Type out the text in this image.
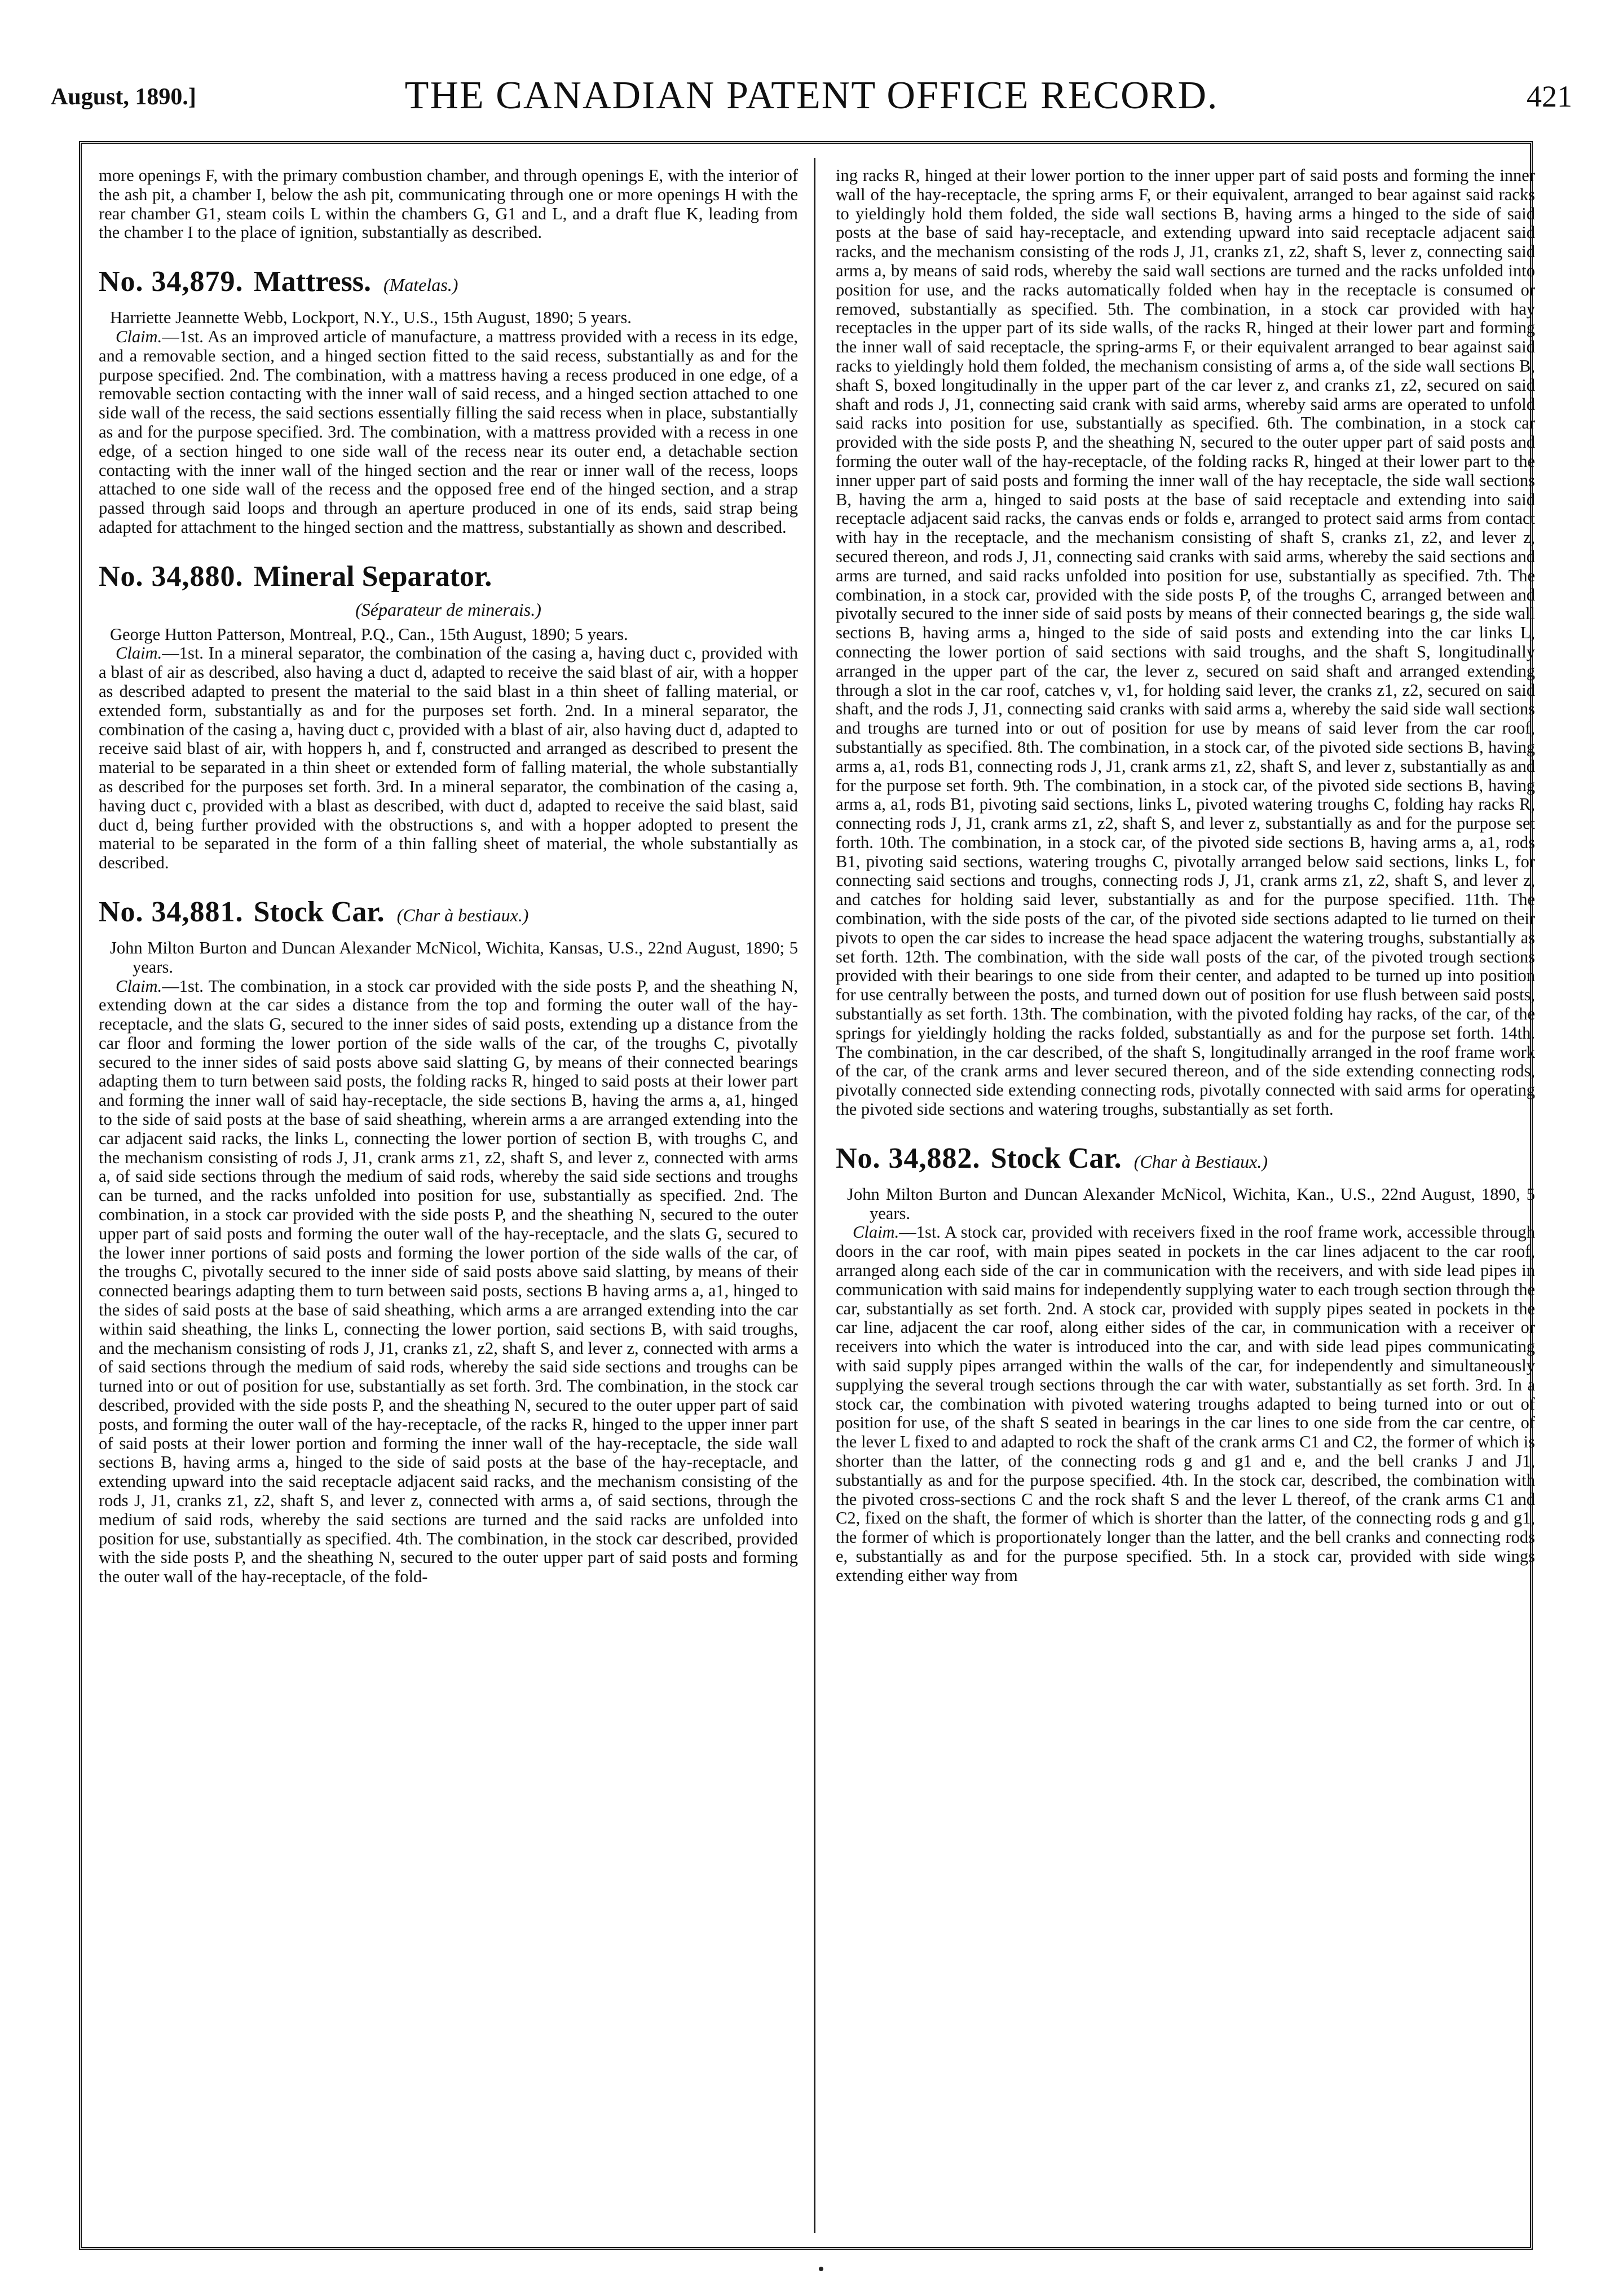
August, 1890.]	THE CANADIAN PATENT OFFICE RECORD.	421

more openings F, with the primary combustion chamber, and through openings E, with the interior of the ash pit, a chamber I, below the ash pit, communicating through one or more openings H with the rear chamber G1, steam coils L within the chambers G, G1 and L, and a draft flue K, leading from the chamber I to the place of ignition, substantially as described.

No. 34,879. Mattress. (Matelas.)

Harriette Jeannette Webb, Lockport, N.Y., U.S., 15th August, 1890; 5 years.

Claim.—1st. As an improved article of manufacture, a mattress provided with a recess in its edge, and a removable section, and a hinged section fitted to the said recess, substantially as and for the purpose specified. 2nd. The combination, with a mattress having a recess produced in one edge, of a removable section contacting with the inner wall of said recess, and a hinged section attached to one side wall of the recess, the said sections essentially filling the said recess when in place, substantially as and for the purpose specified. 3rd. The combination, with a mattress provided with a recess in one edge, of a section hinged to one side wall of the recess near its outer end, a detachable section contacting with the inner wall of the hinged section and the rear or inner wall of the recess, loops attached to one side wall of the recess and the opposed free end of the hinged section, and a strap passed through said loops and through an aperture produced in one of its ends, said strap being adapted for attachment to the hinged section and the mattress, substantially as shown and described.

No. 34,880. Mineral Separator.
(Séparateur de minerais.)

George Hutton Patterson, Montreal, P.Q., Can., 15th August, 1890; 5 years.

Claim.—1st. In a mineral separator, the combination of the casing a, having duct c, provided with a blast of air as described, also having a duct d, adapted to receive the said blast of air, with a hopper as described adapted to present the material to the said blast in a thin sheet of falling material, or extended form, substantially as and for the purposes set forth. 2nd. In a mineral separator, the combination of the casing a, having duct c, provided with a blast of air, also having duct d, adapted to receive said blast of air, with hoppers h, and f, constructed and arranged as described to present the material to be separated in a thin sheet or extended form of falling material, the whole substantially as described for the purposes set forth. 3rd. In a mineral separator, the combination of the casing a, having duct c, provided with a blast as described, with duct d, adapted to receive the said blast, said duct d, being further provided with the obstructions s, and with a hopper adopted to present the material to be separated in the form of a thin falling sheet of material, the whole substantially as described.

No. 34,881. Stock Car. (Char à bestiaux.)

John Milton Burton and Duncan Alexander McNicol, Wichita, Kansas, U.S., 22nd August, 1890; 5 years.

Claim.—1st. The combination, in a stock car provided with the side posts P, and the sheathing N, extending down at the car sides a distance from the top and forming the outer wall of the hay-receptacle, and the slats G, secured to the inner sides of said posts, extending up a distance from the car floor and forming the lower portion of the side walls of the car, of the troughs C, pivotally secured to the inner sides of said posts above said slatting G, by means of their connected bearings adapting them to turn between said posts, the folding racks R, hinged to said posts at their lower part and forming the inner wall of said hay-receptacle, the side sections B, having the arms a, a1, hinged to the side of said posts at the base of said sheathing, wherein arms a are arranged extending into the car adjacent said racks, the links L, connecting the lower portion of section B, with troughs C, and the mechanism consisting of rods J, J1, crank arms z1, z2, shaft S, and lever z, connected with arms a, of said side sections through the medium of said rods, whereby the said side sections and troughs can be turned, and the racks unfolded into position for use, substantially as specified. 2nd. The combination, in a stock car provided with the side posts P, and the sheathing N, secured to the outer upper part of said posts and forming the outer wall of the hay-receptacle, and the slats G, secured to the lower inner portions of said posts and forming the lower portion of the side walls of the car, of the troughs C, pivotally secured to the inner side of said posts above said slatting, by means of their connected bearings adapting them to turn between said posts, sections B having arms a, a1, hinged to the sides of said posts at the base of said sheathing, which arms a are arranged extending into the car within said sheathing, the links L, connecting the lower portion, said sections B, with said troughs, and the mechanism consisting of rods J, J1, cranks z1, z2, shaft S, and lever z, connected with arms a of said sections through the medium of said rods, whereby the said side sections and troughs can be turned into or out of position for use, substantially as set forth. 3rd. The combination, in the stock car described, provided with the side posts P, and the sheathing N, secured to the outer upper part of said posts, and forming the outer wall of the hay-receptacle, of the racks R, hinged to the upper inner part of said posts at their lower portion and forming the inner wall of the hay-receptacle, the side wall sections B, having arms a, hinged to the side of said posts at the base of the hay-receptacle, and extending upward into the said receptacle adjacent said racks, and the mechanism consisting of the rods J, J1, cranks z1, z2, shaft S, and lever z, connected with arms a, of said sections, through the medium of said rods, whereby the said sections are turned and the said racks are unfolded into position for use, substantially as specified. 4th. The combination, in the stock car described, provided with the side posts P, and the sheathing N, secured to the outer upper part of said posts and forming the outer wall of the hay-receptacle, of the fold-

ing racks R, hinged at their lower portion to the inner upper part of said posts and forming the inner wall of the hay-receptacle, the spring arms F, or their equivalent, arranged to bear against said racks to yieldingly hold them folded, the side wall sections B, having arms a hinged to the side of said posts at the base of said hay-receptacle, and extending upward into said receptacle adjacent said racks, and the mechanism consisting of the rods J, J1, cranks z1, z2, shaft S, lever z, connecting said arms a, by means of said rods, whereby the said wall sections are turned and the racks unfolded into position for use, and the racks automatically folded when hay in the receptacle is consumed or removed, substantially as specified. 5th. The combination, in a stock car provided with hay receptacles in the upper part of its side walls, of the racks R, hinged at their lower part and forming the inner wall of said receptacle, the spring-arms F, or their equivalent arranged to bear against said racks to yieldingly hold them folded, the mechanism consisting of arms a, of the side wall sections B, shaft S, boxed longitudinally in the upper part of the car lever z, and cranks z1, z2, secured on said shaft and rods J, J1, connecting said crank with said arms, whereby said arms are operated to unfold said racks into position for use, substantially as specified. 6th. The combination, in a stock car provided with the side posts P, and the sheathing N, secured to the outer upper part of said posts and forming the outer wall of the hay-receptacle, of the folding racks R, hinged at their lower part to the inner upper part of said posts and forming the inner wall of the hay receptacle, the side wall sections B, having the arm a, hinged to said posts at the base of said receptacle and extending into said receptacle adjacent said racks, the canvas ends or folds e, arranged to protect said arms from contact with hay in the receptacle, and the mechanism consisting of shaft S, cranks z1, z2, and lever z, secured thereon, and rods J, J1, connecting said cranks with said arms, whereby the said sections and arms are turned, and said racks unfolded into position for use, substantially as specified. 7th. The combination, in a stock car, provided with the side posts P, of the troughs C, arranged between and pivotally secured to the inner side of said posts by means of their connected bearings g, the side wall sections B, having arms a, hinged to the side of said posts and extending into the car links L, connecting the lower portion of said sections with said troughs, and the shaft S, longitudinally arranged in the upper part of the car, the lever z, secured on said shaft and arranged extending through a slot in the car roof, catches v, v1, for holding said lever, the cranks z1, z2, secured on said shaft, and the rods J, J1, connecting said cranks with said arms a, whereby the said side wall sections and troughs are turned into or out of position for use by means of said lever from the car roof, substantially as specified. 8th. The combination, in a stock car, of the pivoted side sections B, having arms a, a1, rods B1, connecting rods J, J1, crank arms z1, z2, shaft S, and lever z, substantially as and for the purpose set forth. 9th. The combination, in a stock car, of the pivoted side sections B, having arms a, a1, rods B1, pivoting said sections, links L, pivoted watering troughs C, folding hay racks R, connecting rods J, J1, crank arms z1, z2, shaft S, and lever z, substantially as and for the purpose set forth. 10th. The combination, in a stock car, of the pivoted side sections B, having arms a, a1, rods B1, pivoting said sections, watering troughs C, pivotally arranged below said sections, links L, for connecting said sections and troughs, connecting rods J, J1, crank arms z1, z2, shaft S, and lever z, and catches for holding said lever, substantially as and for the purpose specified. 11th. The combination, with the side posts of the car, of the pivoted side sections adapted to lie turned on their pivots to open the car sides to increase the head space adjacent the watering troughs, substantially as set forth. 12th. The combination, with the side wall posts of the car, of the pivoted trough sections provided with their bearings to one side from their center, and adapted to be turned up into position for use centrally between the posts, and turned down out of position for use flush between said posts, substantially as set forth. 13th. The combination, with the pivoted folding hay racks, of the car, of the springs for yieldingly holding the racks folded, substantially as and for the purpose set forth. 14th. The combination, in the car described, of the shaft S, longitudinally arranged in the roof frame work of the car, of the crank arms and lever secured thereon, and of the side extending connecting rods, pivotally connected side extending connecting rods, pivotally connected with said arms for operating the pivoted side sections and watering troughs, substantially as set forth.

No. 34,882. Stock Car. (Char à Bestiaux.)

John Milton Burton and Duncan Alexander McNicol, Wichita, Kan., U.S., 22nd August, 1890, 5 years.

Claim.—1st. A stock car, provided with receivers fixed in the roof frame work, accessible through doors in the car roof, with main pipes seated in pockets in the car lines adjacent to the car roof, arranged along each side of the car in communication with the receivers, and with side lead pipes in communication with said mains for independently supplying water to each trough section through the car, substantially as set forth. 2nd. A stock car, provided with supply pipes seated in pockets in the car line, adjacent the car roof, along either sides of the car, in communication with a receiver or receivers into which the water is introduced into the car, and with side lead pipes communicating with said supply pipes arranged within the walls of the car, for independently and simultaneously supplying the several trough sections through the car with water, substantially as set forth. 3rd. In a stock car, the combination with pivoted watering troughs adapted to being turned into or out of position for use, of the shaft S seated in bearings in the car lines to one side from the car centre, of the lever L fixed to and adapted to rock the shaft of the crank arms C1 and C2, the former of which is shorter than the latter, of the connecting rods g and g1 and e, and the bell cranks J and J1, substantially as and for the purpose specified. 4th. In the stock car, described, the combination with the pivoted cross-sections C and the rock shaft S and the lever L thereof, of the crank arms C1 and C2, fixed on the shaft, the former of which is shorter than the latter, of the connecting rods g and g1, the former of which is proportionately longer than the latter, and the bell cranks and connecting rods e, substantially as and for the purpose specified. 5th. In a stock car, provided with side wings extending either way from
